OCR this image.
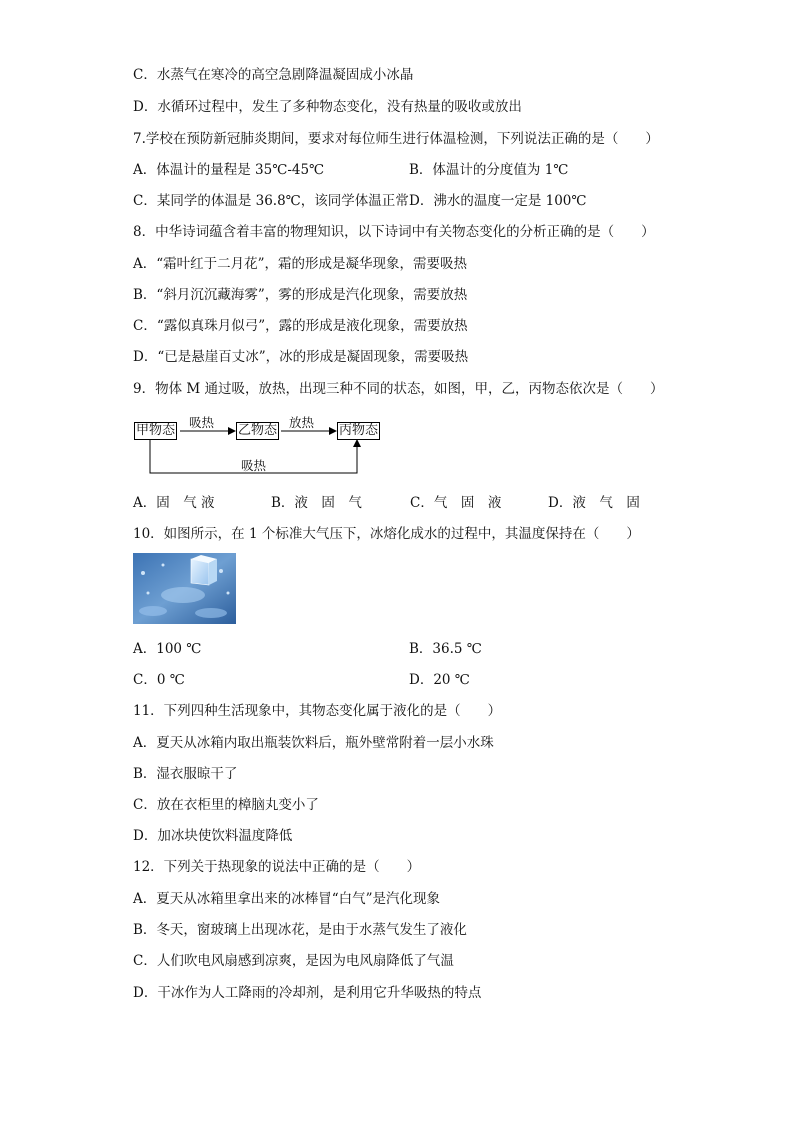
C．水蒸气在寒冷的高空急剧降温凝固成小冰晶
D．水循环过程中，发生了多种物态变化，没有热量的吸收或放出
7.学校在预防新冠肺炎期间，要求对每位师生进行体温检测，下列说法正确的是（　　）
A．体温计的量程是 35℃-45℃	B．体温计的分度值为 1℃
C．某同学的体温是 36.8℃，该同学体温正常 D．沸水的温度一定是 100℃
8．中华诗词蕴含着丰富的物理知识，以下诗词中有关物态变化的分析正确的是（　　）
A．“霜叶红于二月花”，霜的形成是凝华现象，需要吸热
B．“斜月沉沉藏海雾”，雾的形成是汽化现象，需要放热
C．“露似真珠月似弓”，露的形成是液化现象，需要放热
D．“已是悬崖百丈冰”，冰的形成是凝固现象，需要吸热
9．物体 M 通过吸，放热，出现三种不同的状态，如图，甲，乙，丙物态依次是（　　）
甲物态	乙物态	丙物态
吸热	放热
吸热
A．固　气 液	B．液　固　气	C．气　固　液	D．液　气　固
10．如图所示，在 1 个标准大气压下，冰熔化成水的过程中，其温度保持在（　　）
A．100 ℃	B．36.5 ℃
C．0 ℃	D．20 ℃
11．下列四种生活现象中，其物态变化属于液化的是（　　）
A．夏天从冰箱内取出瓶装饮料后，瓶外壁常附着一层小水珠
B．湿衣服晾干了
C．放在衣柜里的樟脑丸变小了
D．加冰块使饮料温度降低
12．下列关于热现象的说法中正确的是（　　）
A．夏天从冰箱里拿出来的冰棒冒“白气”是汽化现象
B．冬天，窗玻璃上出现冰花，是由于水蒸气发生了液化
C．人们吹电风扇感到凉爽，是因为电风扇降低了气温
D．干冰作为人工降雨的冷却剂，是利用它升华吸热的特点
